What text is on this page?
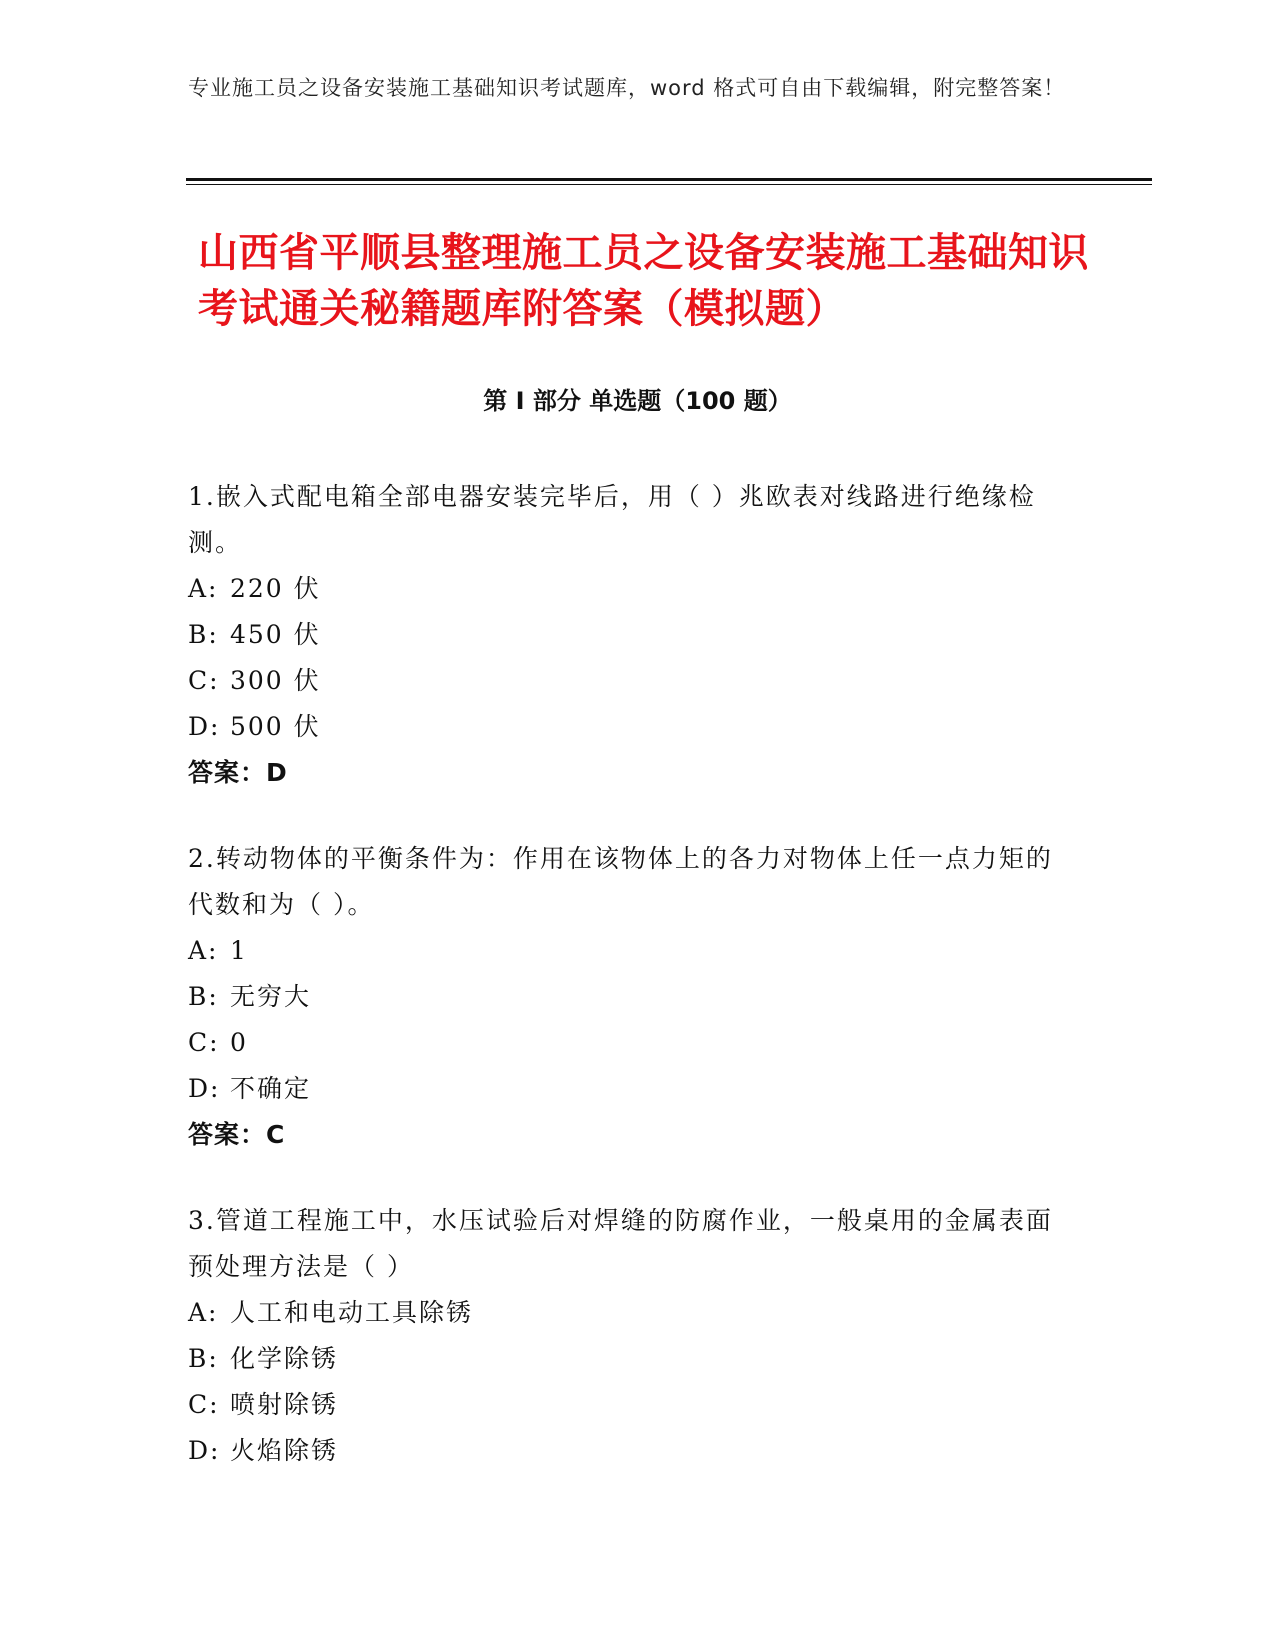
专业施工员之设备安装施工基础知识考试题库，word 格式可自由下载编辑，附完整答案！
山西省平顺县整理施工员之设备安装施工基础知识考试通关秘籍题库附答案（模拟题）
第 I 部分 单选题（100 题）
1.嵌入式配电箱全部电器安装完毕后，用（ ）兆欧表对线路进行绝缘检测。
A: 220 伏
B: 450 伏
C: 300 伏
D: 500 伏
答案：D
2.转动物体的平衡条件为：作用在该物体上的各力对物体上任一点力矩的代数和为（ ）。
A: 1
B: 无穷大
C: 0
D: 不确定
答案：C
3.管道工程施工中，水压试验后对焊缝的防腐作业，一般桌用的金属表面预处理方法是（ ）
A: 人工和电动工具除锈
B: 化学除锈
C: 喷射除锈
D: 火焰除锈
